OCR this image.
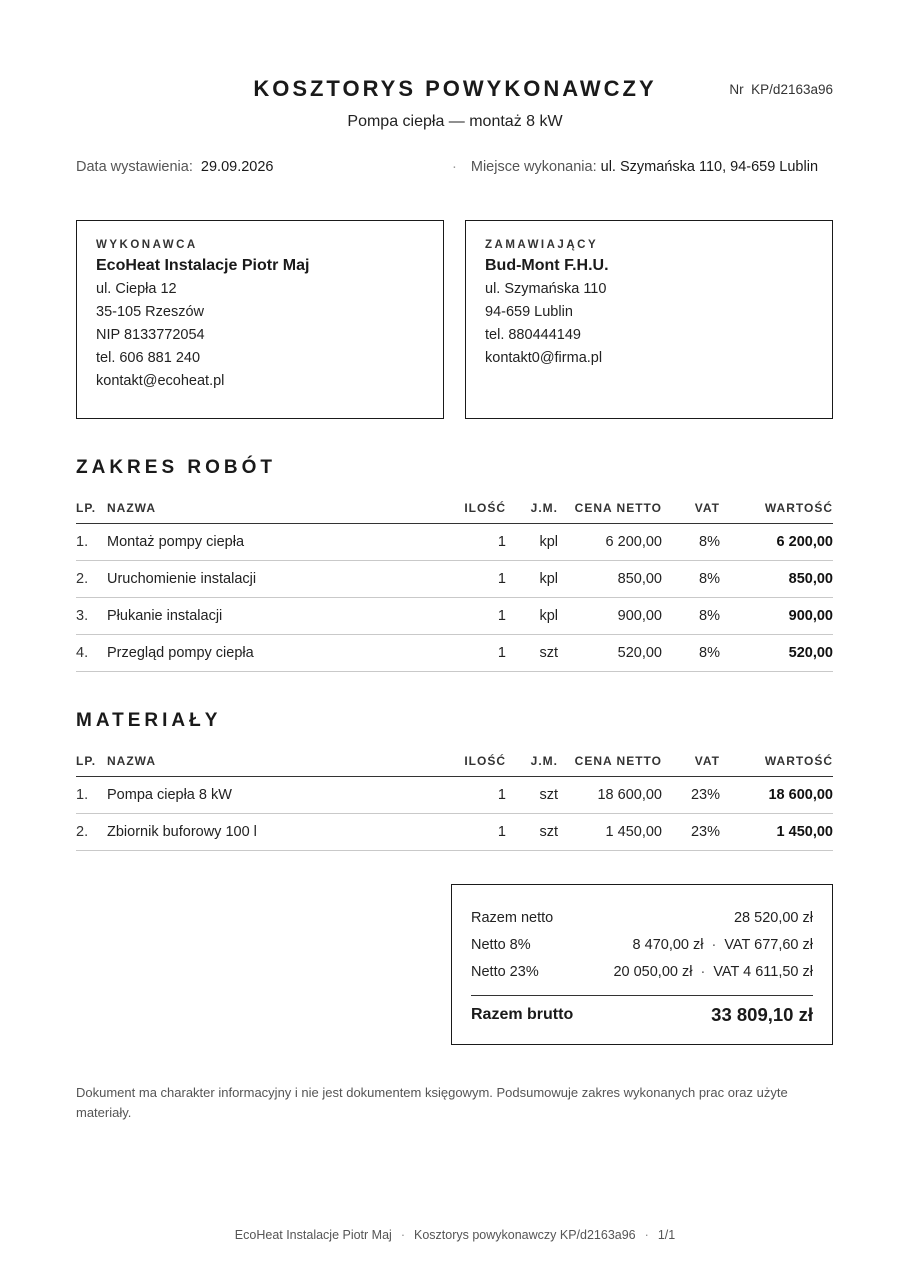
KOSZTORYS POWYKONAWCZY	Nr KP/d2163a96
Pompa ciepła — montaż 8 kW
Data wystawienia: 29.09.2026	· Miejsce wykonania: ul. Szymańska 110, 94-659 Lublin
WYKONAWCA
EcoHeat Instalacje Piotr Maj
ul. Ciepła 12
35-105 Rzeszów
NIP 8133772054
tel. 606 881 240
kontakt@ecoheat.pl
ZAMAWIAJĄCY
Bud-Mont F.H.U.
ul. Szymańska 110
94-659 Lublin
tel. 880444149
kontakt0@firma.pl
ZAKRES ROBÓT
LP.	NAZWA	ILOŚĆ	J.M.	CENA NETTO	VAT	WARTOŚĆ
1.	Montaż pompy ciepła	1	kpl	6 200,00	8%	6 200,00
2.	Uruchomienie instalacji	1	kpl	850,00	8%	850,00
3.	Płukanie instalacji	1	kpl	900,00	8%	900,00
4.	Przegląd pompy ciepła	1	szt	520,00	8%	520,00
MATERIAŁY
LP.	NAZWA	ILOŚĆ	J.M.	CENA NETTO	VAT	WARTOŚĆ
1.	Pompa ciepła 8 kW	1	szt	18 600,00	23%	18 600,00
2.	Zbiornik buforowy 100 l	1	szt	1 450,00	23%	1 450,00
Razem netto	28 520,00 zł
Netto 8%	8 470,00 zł · VAT 677,60 zł
Netto 23%	20 050,00 zł · VAT 4 611,50 zł
Razem brutto	33 809,10 zł
Dokument ma charakter informacyjny i nie jest dokumentem księgowym. Podsumowuje zakres wykonanych prac oraz użyte materiały.
EcoHeat Instalacje Piotr Maj · Kosztorys powykonawczy KP/d2163a96 · 1/1
